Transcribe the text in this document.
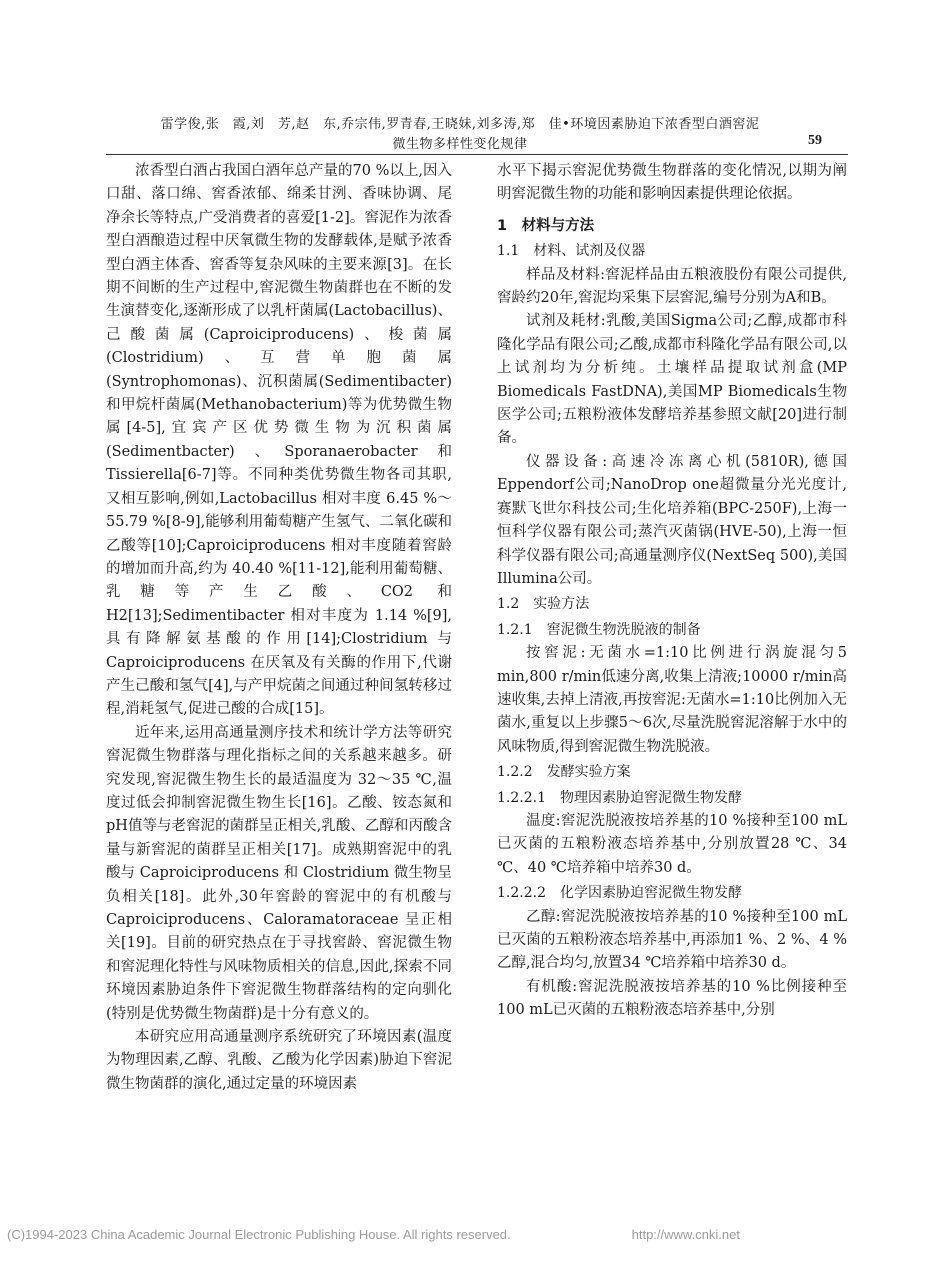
雷学俊,张　霞,刘　芳,赵　东,乔宗伟,罗青春,王晓妹,刘多涛,郑　佳•环境因素胁迫下浓香型白酒窖泥
微生物多样性变化规律	59

浓香型白酒占我国白酒年总产量的70 %以上,因入口甜、落口绵、窖香浓郁、绵柔甘洌、香味协调、尾净余长等特点,广受消费者的喜爱[1-2]。窖泥作为浓香型白酒酿造过程中厌氧微生物的发酵载体,是赋予浓香型白酒主体香、窖香等复杂风味的主要来源[3]。在长期不间断的生产过程中,窖泥微生物菌群也在不断的发生演替变化,逐渐形成了以乳杆菌属(Lactobacillus)、己酸菌属(Caproiciproducens)、梭菌属(Clostridium)、互营单胞菌属(Syntrophomonas)、沉积菌属(Sedimentibacter)和甲烷杆菌属(Methanobacterium)等为优势微生物属[4-5],宜宾产区优势微生物为沉积菌属 (Sedimentbacter) 、Sporanaerobacter 和 Tissierella[6-7]等。不同种类优势微生物各司其职,又相互影响,例如,Lactobacillus 相对丰度 6.45 %～55.79 %[8-9],能够利用葡萄糖产生氢气、二氧化碳和乙酸等[10];Caproiciproducens 相对丰度随着窖龄的增加而升高,约为 40.40 %[11-12],能利用葡萄糖、乳糖等产生乙酸、CO2 和 H2[13];Sedimentibacter 相对丰度为 1.14 %[9],具有降解氨基酸的作用[14];Clostridium 与 Caproiciproducens 在厌氧及有关酶的作用下,代谢产生己酸和氢气[4],与产甲烷菌之间通过种间氢转移过程,消耗氢气,促进己酸的合成[15]。

近年来,运用高通量测序技术和统计学方法等研究窖泥微生物群落与理化指标之间的关系越来越多。研究发现,窖泥微生物生长的最适温度为 32～35 ℃,温度过低会抑制窖泥微生物生长[16]。乙酸、铵态氮和pH值等与老窖泥的菌群呈正相关,乳酸、乙醇和丙酸含量与新窖泥的菌群呈正相关[17]。成熟期窖泥中的乳酸与 Caproiciproducens 和 Clostridium 微生物呈负相关[18]。此外,30年窖龄的窖泥中的有机酸与 Caproiciproducens、Caloramatoraceae 呈正相关[19]。目前的研究热点在于寻找窖龄、窖泥微生物和窖泥理化特性与风味物质相关的信息,因此,探索不同环境因素胁迫条件下窖泥微生物群落结构的定向驯化(特别是优势微生物菌群)是十分有意义的。

本研究应用高通量测序系统研究了环境因素(温度为物理因素,乙醇、乳酸、乙酸为化学因素)胁迫下窖泥微生物菌群的演化,通过定量的环境因素

水平下揭示窖泥优势微生物群落的变化情况,以期为阐明窖泥微生物的功能和影响因素提供理论依据。

1　材料与方法
1.1　材料、试剂及仪器

样品及材料:窖泥样品由五粮液股份有限公司提供,窖龄约20年,窖泥均采集下层窖泥,编号分别为A和B。

试剂及耗材:乳酸,美国Sigma公司;乙醇,成都市科隆化学品有限公司;乙酸,成都市科隆化学品有限公司,以上试剂均为分析纯。土壤样品提取试剂盒(MP Biomedicals FastDNA),美国MP Biomedicals生物医学公司;五粮粉液体发酵培养基参照文献[20]进行制备。

仪器设备:高速冷冻离心机(5810R),德国Eppendorf公司;NanoDrop one超微量分光光度计,赛默飞世尔科技公司;生化培养箱(BPC-250F),上海一恒科学仪器有限公司;蒸汽灭菌锅(HVE-50),上海一恒科学仪器有限公司;高通量测序仪(NextSeq 500),美国Illumina公司。

1.2　实验方法
1.2.1　窖泥微生物洗脱液的制备

按窖泥:无菌水=1:10比例进行涡旋混匀5 min,800 r/min低速分离,收集上清液;10000 r/min高速收集,去掉上清液,再按窖泥:无菌水=1:10比例加入无菌水,重复以上步骤5～6次,尽量洗脱窖泥溶解于水中的风味物质,得到窖泥微生物洗脱液。

1.2.2　发酵实验方案
1.2.2.1　物理因素胁迫窖泥微生物发酵

温度:窖泥洗脱液按培养基的10 %接种至100 mL已灭菌的五粮粉液态培养基中,分别放置28 ℃、34 ℃、40 ℃培养箱中培养30 d。

1.2.2.2　化学因素胁迫窖泥微生物发酵

乙醇:窖泥洗脱液按培养基的10 %接种至100 mL已灭菌的五粮粉液态培养基中,再添加1 %、2 %、4 %乙醇,混合均匀,放置34 ℃培养箱中培养30 d。

有机酸:窖泥洗脱液按培养基的10 %比例接种至100 mL已灭菌的五粮粉液态培养基中,分别

(C)1994-2023 China Academic Journal Electronic Publishing House. All rights reserved.	http://www.cnki.net
